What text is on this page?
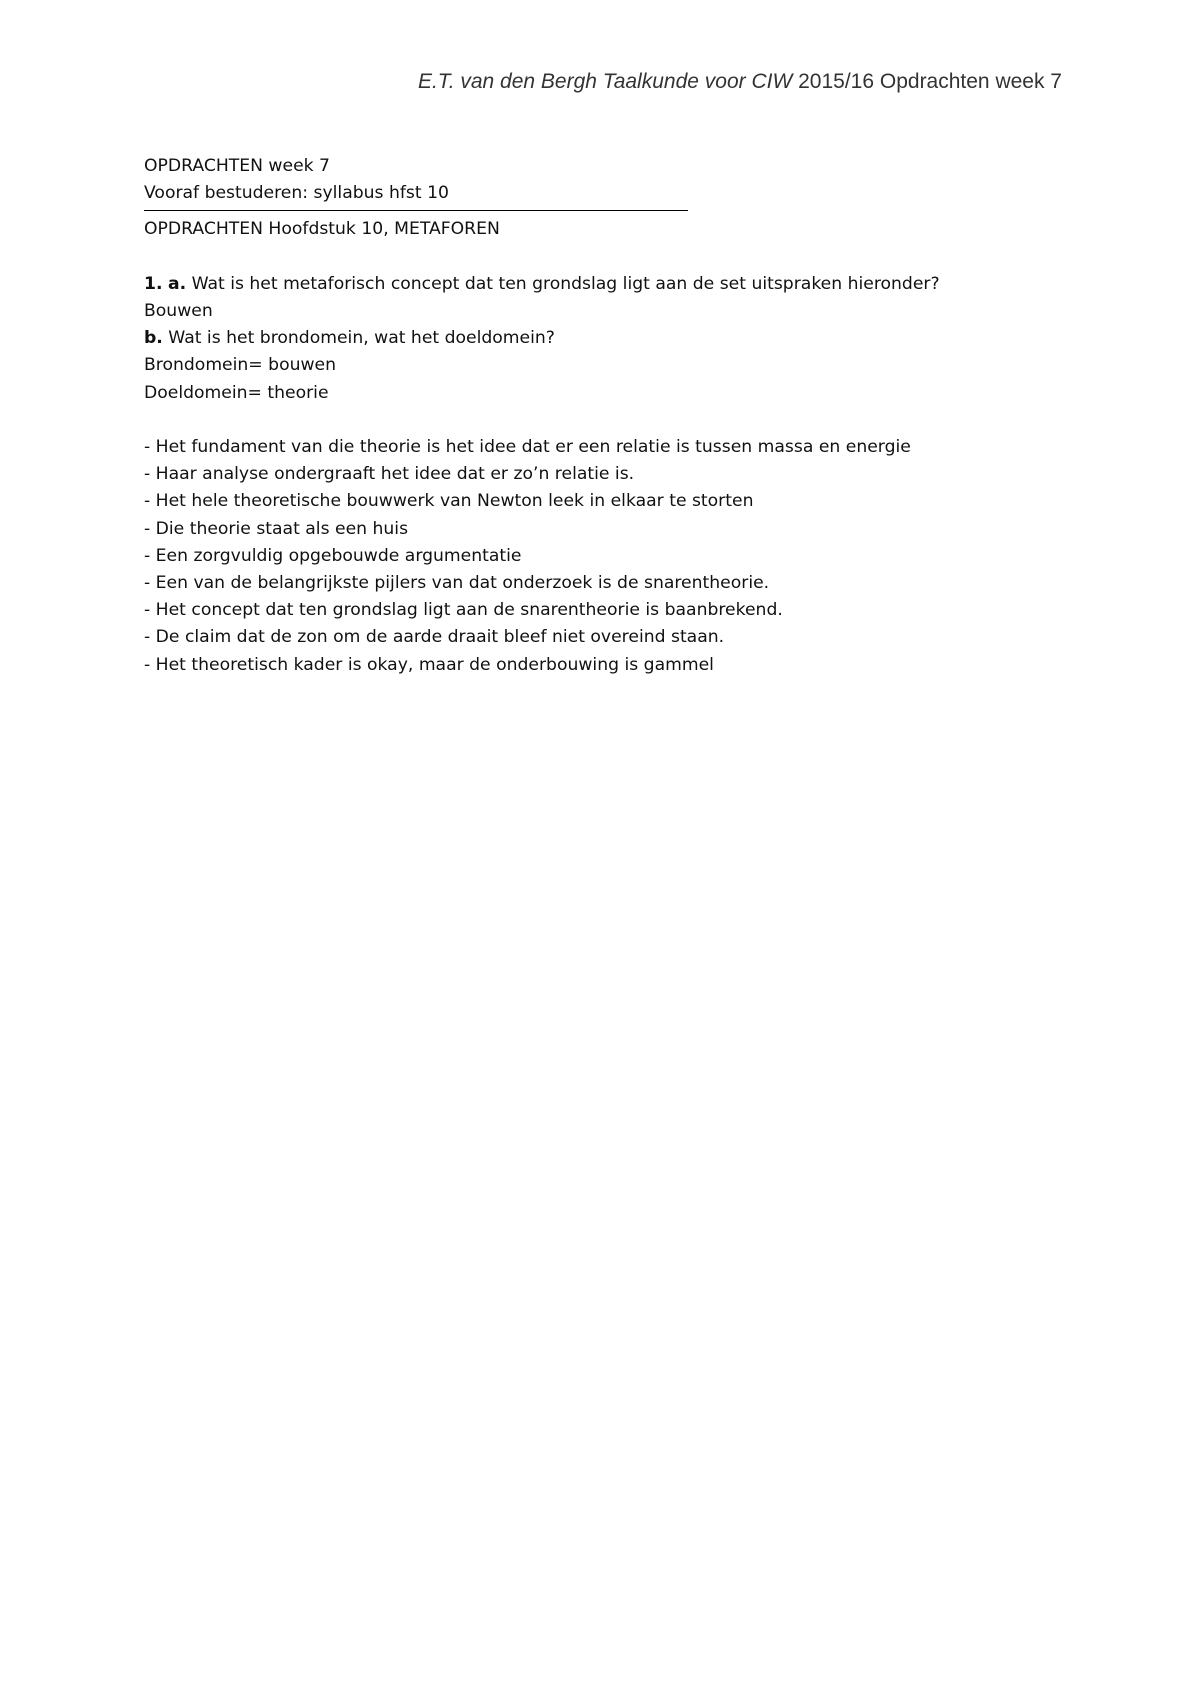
E.T. van den Bergh Taalkunde voor CIW 2015/16 Opdrachten week 7
OPDRACHTEN week 7
Vooraf bestuderen: syllabus hfst 10
OPDRACHTEN Hoofdstuk 10, METAFOREN
1. a. Wat is het metaforisch concept dat ten grondslag ligt aan de set uitspraken hieronder?
Bouwen
b. Wat is het brondomein, wat het doeldomein?
Brondomein= bouwen
Doeldomein= theorie
- Het fundament van die theorie is het idee dat er een relatie is tussen massa en energie
- Haar analyse ondergraaft het idee dat er zo’n relatie is.
- Het hele theoretische bouwwerk van Newton leek in elkaar te storten
- Die theorie staat als een huis
- Een zorgvuldig opgebouwde argumentatie
- Een van de belangrijkste pijlers van dat onderzoek is de snarentheorie.
- Het concept dat ten grondslag ligt aan de snarentheorie is baanbrekend.
- De claim dat de zon om de aarde draait bleef niet overeind staan.
- Het theoretisch kader is okay, maar de onderbouwing is gammel
